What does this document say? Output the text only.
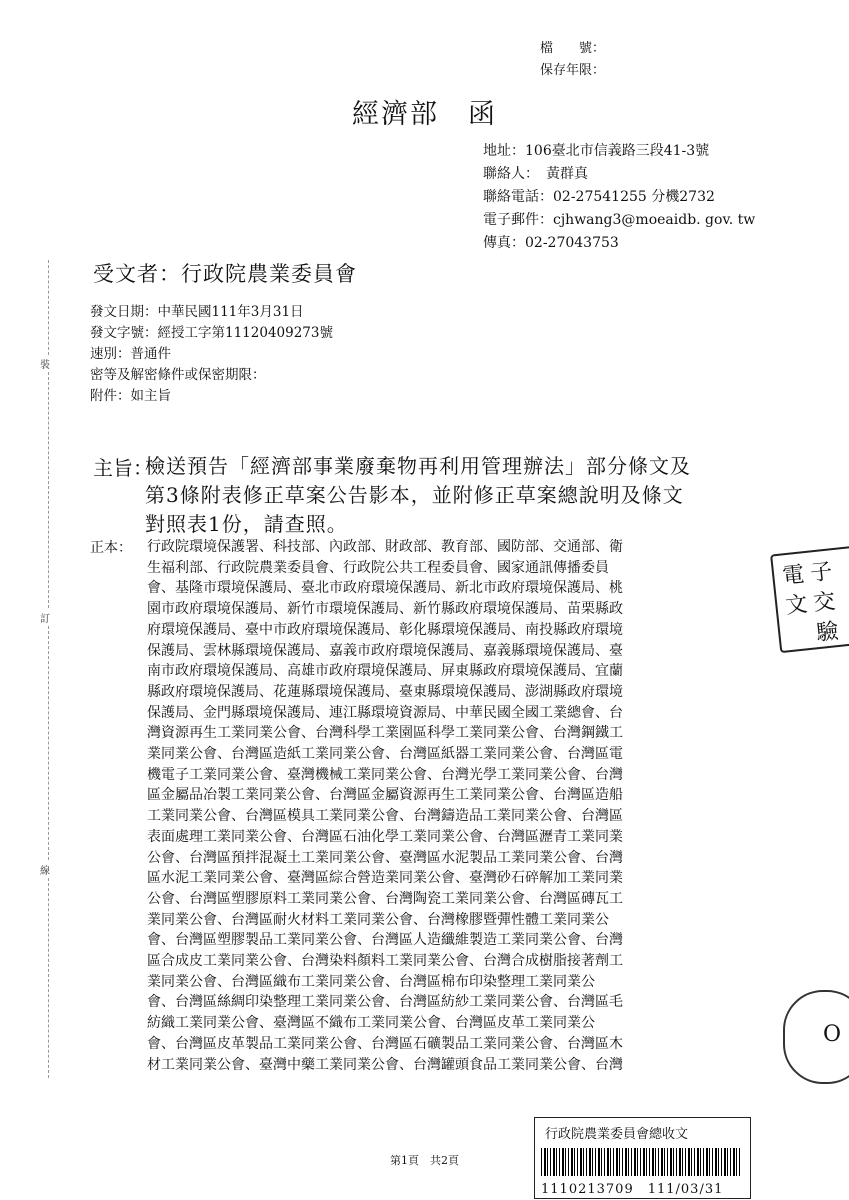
檔　　號：
保存年限：
經濟部　函
地址：106臺北市信義路三段41-3號
聯絡人：　黃群真
聯絡電話：02-27541255 分機2732
電子郵件：cjhwang3@moeaidb. gov. tw
傳真：02-27043753
受文者：行政院農業委員會
發文日期：中華民國111年3月31日
發文字號：經授工字第11120409273號
速別：普通件
密等及解密條件或保密期限：
附件：如主旨
主旨：
檢送預告「經濟部事業廢棄物再利用管理辦法」部分條文及
第3條附表修正草案公告影本，並附修正草案總說明及條文
對照表1份，請查照。
正本： 行政院環境保護署、科技部、內政部、財政部、教育部、國防部、交通部、衛
生福利部、行政院農業委員會、行政院公共工程委員會、國家通訊傳播委員
會、基隆市環境保護局、臺北市政府環境保護局、新北市政府環境保護局、桃
園市政府環境保護局、新竹市環境保護局、新竹縣政府環境保護局、苗栗縣政
府環境保護局、臺中市政府環境保護局、彰化縣環境保護局、南投縣政府環境
保護局、雲林縣環境保護局、嘉義市政府環境保護局、嘉義縣環境保護局、臺
南市政府環境保護局、高雄市政府環境保護局、屏東縣政府環境保護局、宜蘭
縣政府環境保護局、花蓮縣環境保護局、臺東縣環境保護局、澎湖縣政府環境
保護局、金門縣環境保護局、連江縣環境資源局、中華民國全國工業總會、台
灣資源再生工業同業公會、台灣科學工業園區科學工業同業公會、台灣鋼鐵工
業同業公會、台灣區造紙工業同業公會、台灣區紙器工業同業公會、台灣區電
機電子工業同業公會、臺灣機械工業同業公會、台灣光學工業同業公會、台灣
區金屬品冶製工業同業公會、台灣區金屬資源再生工業同業公會、台灣區造船
工業同業公會、台灣區模具工業同業公會、台灣鑄造品工業同業公會、台灣區
表面處理工業同業公會、台灣區石油化學工業同業公會、台灣區瀝青工業同業
公會、台灣區預拌混凝土工業同業公會、臺灣區水泥製品工業同業公會、台灣
區水泥工業同業公會、臺灣區綜合營造業同業公會、臺灣砂石碎解加工業同業
公會、台灣區塑膠原料工業同業公會、台灣陶瓷工業同業公會、台灣區磚瓦工
業同業公會、台灣區耐火材料工業同業公會、台灣橡膠暨彈性體工業同業公
會、台灣區塑膠製品工業同業公會、台灣區人造纖維製造工業同業公會、台灣
區合成皮工業同業公會、台灣染料顏料工業同業公會、台灣合成樹脂接著劑工
業同業公會、台灣區織布工業同業公會、台灣區棉布印染整理工業同業公
會、台灣區絲綢印染整理工業同業公會、台灣區紡紗工業同業公會、台灣區毛
紡織工業同業公會、臺灣區不織布工業同業公會、台灣區皮革工業同業公
會、台灣區皮革製品工業同業公會、台灣區石礦製品工業同業公會、台灣區木
材工業同業公會、臺灣中藥工業同業公會、台灣罐頭食品工業同業公會、台灣
裝
訂
線
電 子
文 交
驗
O
第1頁　共2頁
行政院農業委員會總收文
1110213709　111/03/31
